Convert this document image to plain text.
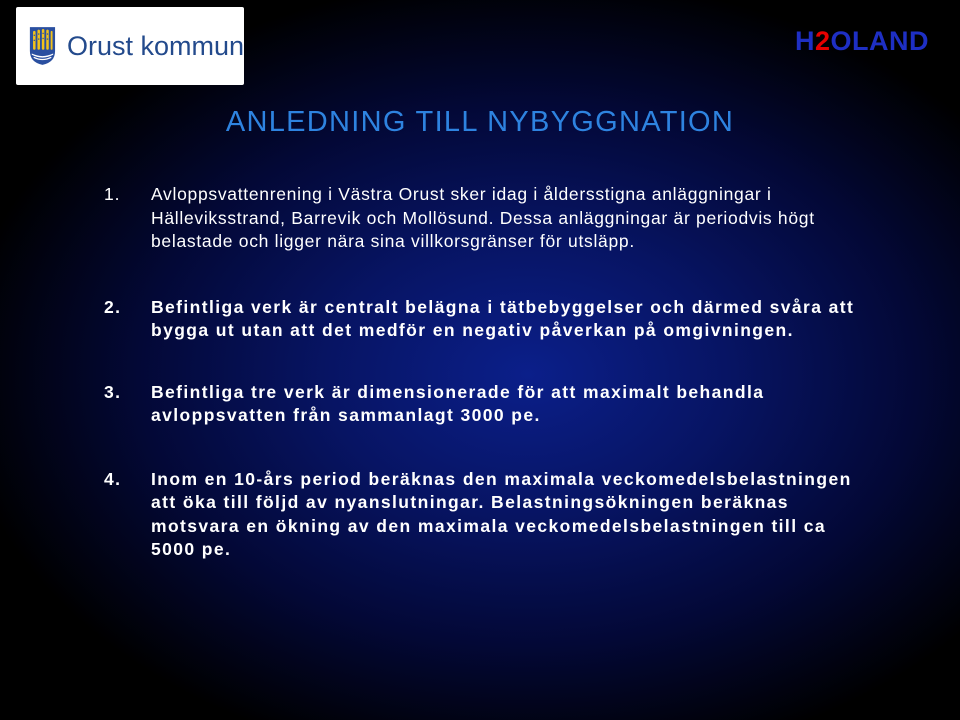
Orust kommun	H2OLAND
ANLEDNING TILL NYBYGGNATION
1.	Avloppsvattenrening i Västra Orust sker idag i åldersstigna anläggningar i Hälleviksstrand, Barrevik och Mollösund. Dessa anläggningar är periodvis högt belastade och ligger nära sina villkorsgränser för utsläpp.
2.	Befintliga verk är centralt belägna i tätbebyggelser och därmed svåra att bygga ut utan att det medför en negativ påverkan på omgivningen.
3.	Befintliga tre verk är dimensionerade för att maximalt behandla avloppsvatten från sammanlagt 3000 pe.
4.	Inom en 10-års period beräknas den maximala veckomedelsbelastningen att öka till följd av nyanslutningar. Belastningsökningen beräknas motsvara en ökning av den maximala veckomedelsbelastningen till ca 5000 pe.
